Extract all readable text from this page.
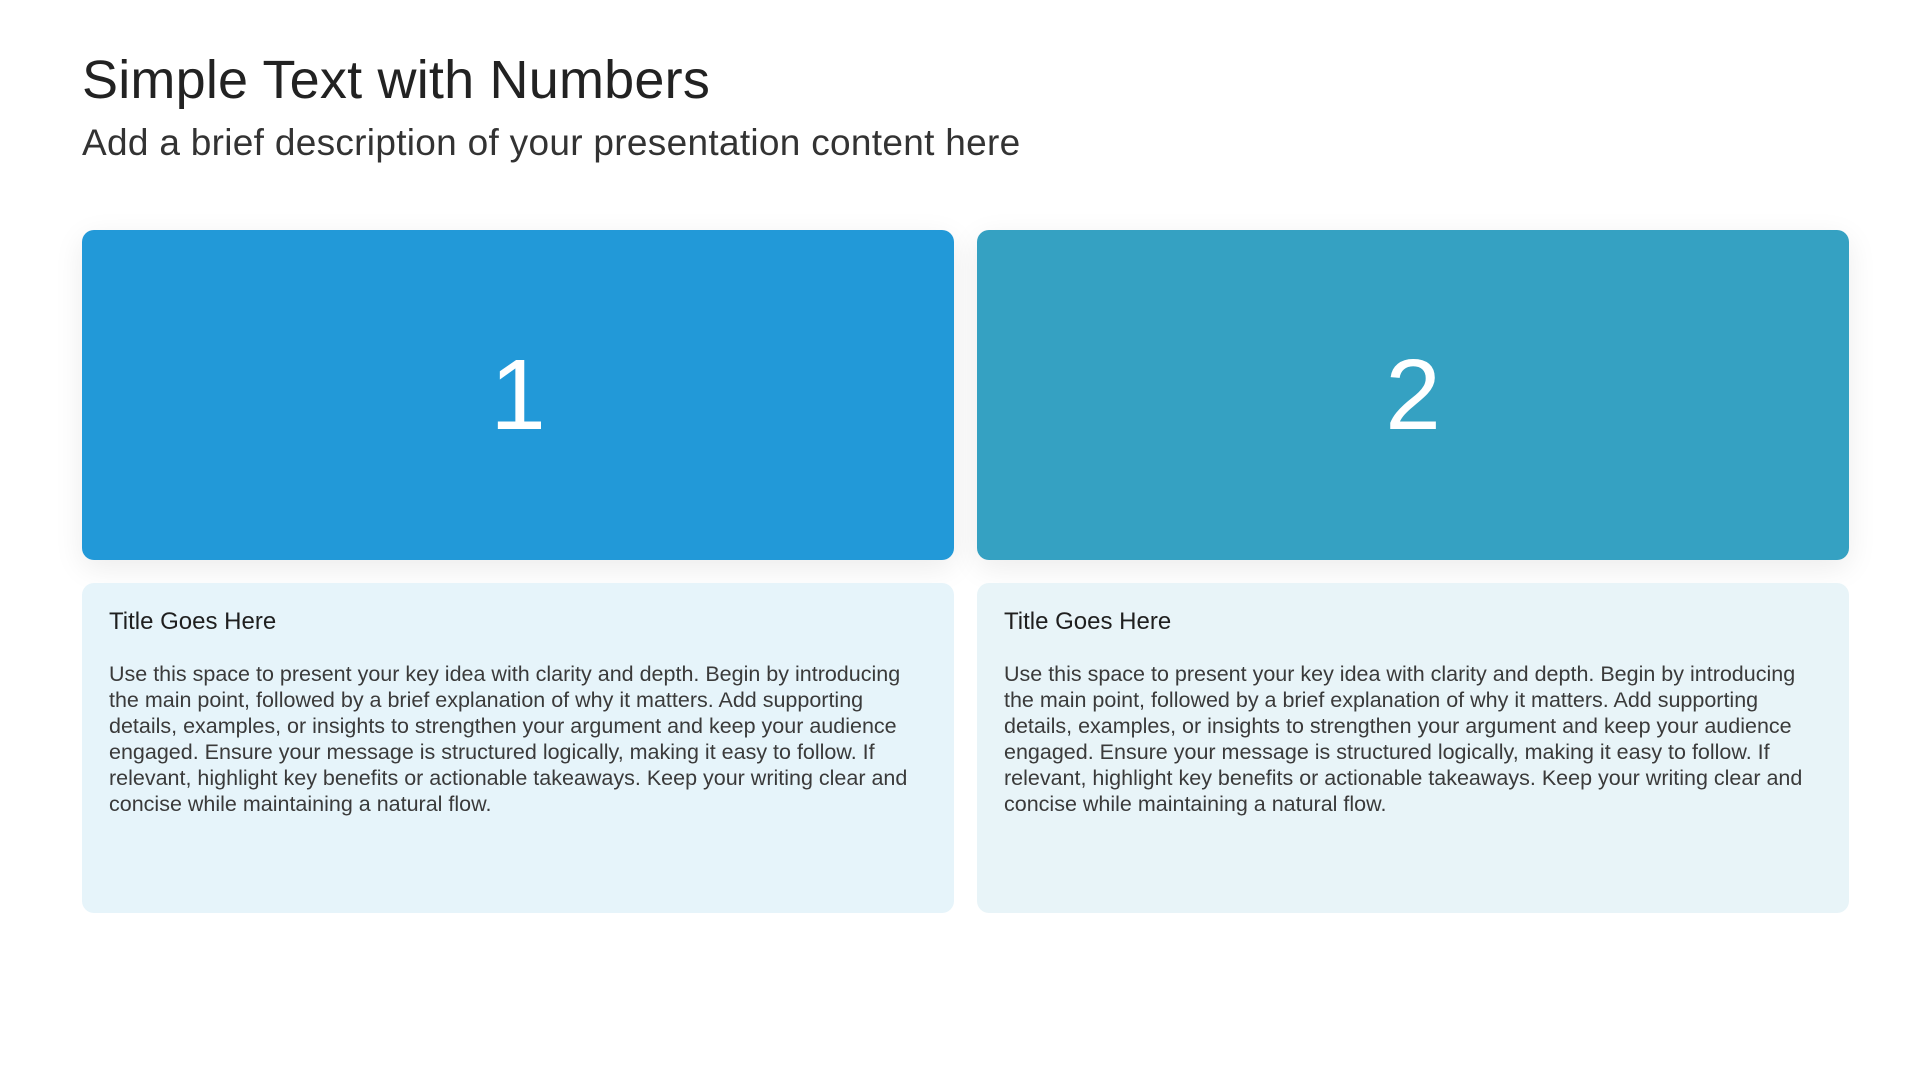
Simple Text with Numbers

Add a brief description of your presentation content here

1
Title Goes Here

Use this space to present your key idea with clarity and depth. Begin by introducing the main point, followed by a brief explanation of why it matters. Add supporting details, examples, or insights to strengthen your argument and keep your audience engaged. Ensure your message is structured logically, making it easy to follow. If relevant, highlight key benefits or actionable takeaways. Keep your writing clear and concise while maintaining a natural flow.

2
Title Goes Here

Use this space to present your key idea with clarity and depth. Begin by introducing the main point, followed by a brief explanation of why it matters. Add supporting details, examples, or insights to strengthen your argument and keep your audience engaged. Ensure your message is structured logically, making it easy to follow. If relevant, highlight key benefits or actionable takeaways. Keep your writing clear and concise while maintaining a natural flow.
